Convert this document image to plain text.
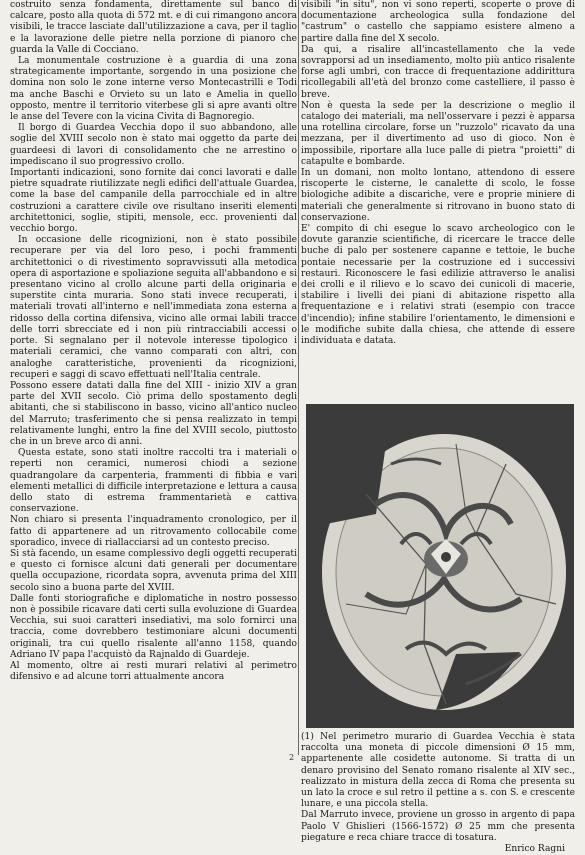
costruito senza fondamenta, direttamente sul banco di calcare, posto alla quota di 572 mt. e di cui rimangono ancora visibili, le tracce lasciate dall'utilizzazione a cava, per il taglio e la lavorazione delle pietre nella porzione di pianoro che guarda la Valle di Cocciano.

La monumentale costruzione è a guardia di una zona strategicamente importante, sorgendo in una posizione che domina non solo le zone interne verso Montecastrilli e Todi ma anche Baschi e Orvieto su un lato e Amelia in quello opposto, mentre il territorio viterbese gli si apre avanti oltre le anse del Tevere con la vicina Civita di Bagnoregio.

Il borgo di Guardea Vecchia dopo il suo abbandono, alle soglie del XVIII secolo non è stato mai oggetto da parte dei guardeesi di lavori di consolidamento che ne arrestino o impediscano il suo progressivo crollo.

Importanti indicazioni, sono fornite dai conci lavorati e dalle pietre squadrate riutilizzate negli edifici dell'attuale Guardea, come la base del campanile della parrocchiale ed in altre costruzioni a carattere civile ove risultano inseriti elementi architettonici, soglie, stipiti, mensole, ecc. provenienti dal vecchio borgo.

In occasione delle ricognizioni, non è stato possibile recuperare per via del loro peso, i pochi frammenti architettonici o di rivestimento sopravvissuti alla metodica opera di asportazione e spoliazione seguita all'abbandono e si presentano vicino al crollo alcune parti della originaria e superstite cinta muraria. Sono stati invece recuperati, i materiali trovati all'interno e nell'immediata zona esterna a ridosso della cortina difensiva, vicino alle ormai labili tracce delle torri sbrecciate ed i non più rintracciabili accessi o porte. Si segnalano per il notevole interesse tipologico i materiali ceramici, che vanno comparati con altri, con analoghe caratteristiche, provenienti da ricognizioni, recuperi e saggi di scavo effettuati nell'Italia centrale.

Possono essere datati dalla fine del XIII - inizio XIV a gran parte del XVII secolo. Ciò prima dello spostamento degli abitanti, che si stabiliscono in basso, vicino all'antico nucleo del Marruto; trasferimento che si pensa realizzato in tempi relativamente lunghi, entro la fine del XVIII secolo, piuttosto che in un breve arco di anni.

Questa estate, sono stati inoltre raccolti tra i materiali o reperti non ceramici, numerosi chiodi a sezione quadrangolare da carpenteria, frammenti di fibbia e vari elementi metallici di difficile interpretazione e lettura a causa dello stato di estrema frammentarietà e cattiva conservazione.

Non chiaro si presenta l'inquadramento cronologico, per il fatto di appartenere ad un ritrovamento collocabile come sporadico, invece di riallacciarsi ad un contesto preciso.

Si stà facendo, un esame complessivo degli oggetti recuperati e questo ci fornisce alcuni dati generali per documentare quella occupazione, ricordata sopra, avvenuta prima del XIII secolo sino a buona parte del XVIII.

Dalle fonti storiografiche e diplomatiche in nostro possesso non è possibile ricavare dati certi sulla evoluzione di Guardea Vecchia, sui suoi caratteri insediativi, ma solo fornirci una traccia, come dovrebbero testimoniare alcuni documenti originali, tra cui quello risalente all'anno 1158, quando Adriano IV papa l'acquistò da Rajnaldo di Guardeje.

Al momento, oltre ai resti murari relativi al perimetro difensivo e ad alcune torri attualmente ancora

visibili "in situ", non vi sono reperti, scoperte o prove di documentazione archeologica sulla fondazione del "castrum" o castello che sappiamo esistere almeno a partire dalla fine del X secolo.

Da qui, a risalire all'incastellamento che la vede sovrapporsi ad un insediamento, molto più antico risalente forse agli umbri, con tracce di frequentazione addirittura ricollegabili all'età del bronzo come castelliere, il passo è breve.

Non è questa la sede per la descrizione o meglio il catalogo dei materiali, ma nell'osservare i pezzi è apparsa una rotellina circolare, forse un "ruzzolo" ricavato da una mezzana, per il divertimento ad uso di gioco. Non è impossibile, riportare alla luce palle di pietra "proietti" di catapulte e bombarde.

In un domani, non molto lontano, attendono di essere riscoperte le cisterne, le canalette di scolo, le fosse biologiche adibite a discariche, vere e proprie miniere di materiali che generalmente si ritrovano in buono stato di conservazione.

E' compito di chi esegue lo scavo archeologico con le dovute garanzie scientifiche, di ricercare le tracce delle buche di palo per sostenere capanne e tettoie, le buche pontaie necessarie per la costruzione ed i successivi restauri. Riconoscere le fasi edilizie attraverso le analisi dei crolli e il rilievo e lo scavo dei cunicoli di macerie, stabilire i livelli dei piani di abitazione rispetto alla frequentazione e i relativi strati (esempio con tracce d'incendio); infine stabilire l'orientamento, le dimensioni e le modifiche subite dalla chiesa, che attende di essere individuata e datata.

(1) Nel perimetro murario di Guardea Vecchia è stata raccolta una moneta di piccole dimensioni Ø 15 mm, appartenente alle cosidette autonome. Si tratta di un denaro provisino del Senato romano risalente al XIV sec., realizzato in mistura della zecca di Roma che presenta su un lato la croce e sul retro il pettine a s. con S. e crescente lunare, e una piccola stella.

Dal Marruto invece, proviene un grosso in argento di papa Paolo V Ghislieri (1566-1572) Ø 25 mm che presenta piegature e reca chiare tracce di tosatura.

Enrico Ragni

2
